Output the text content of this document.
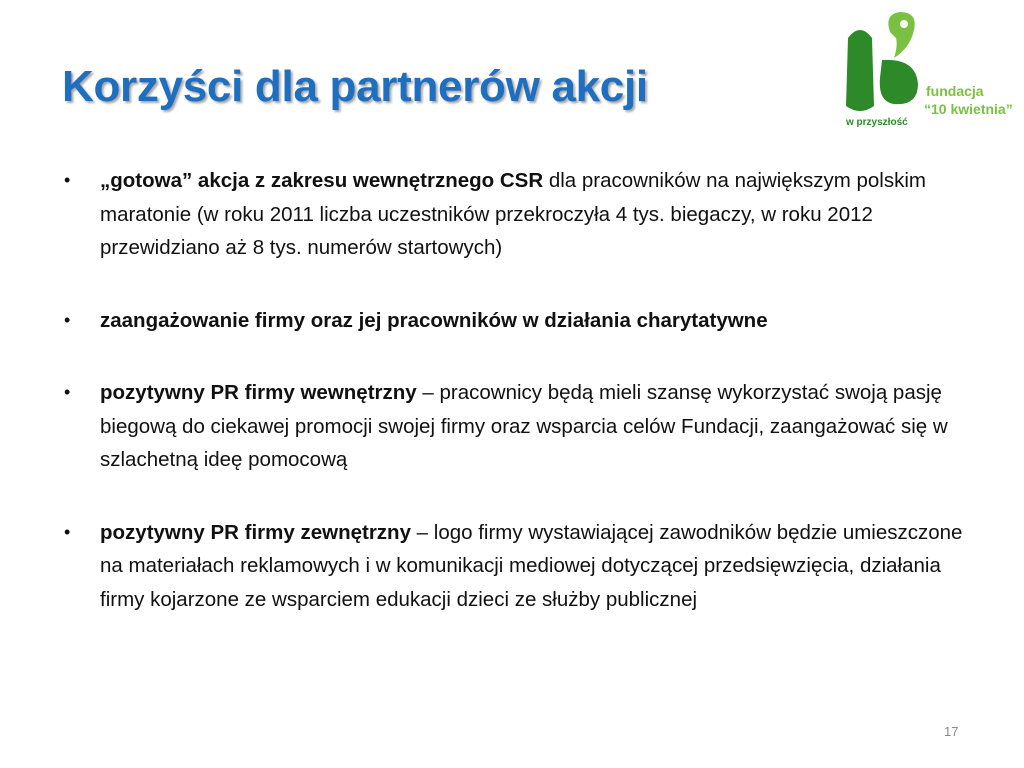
Korzyści dla partnerów akcji
w przyszłość
fundacja
“10 kwietnia”
•	„gotowa” akcja z zakresu wewnętrznego CSR dla pracowników na największym polskim maratonie (w roku 2011 liczba uczestników przekroczyła 4 tys. biegaczy, w roku 2012 przewidziano aż 8 tys. numerów startowych)
•	zaangażowanie firmy oraz jej pracowników w działania charytatywne
•	pozytywny PR firmy wewnętrzny – pracownicy będą mieli szansę wykorzystać swoją pasję biegową do ciekawej promocji swojej firmy oraz wsparcia celów Fundacji, zaangażować się w szlachetną ideę pomocową
•	pozytywny PR firmy zewnętrzny – logo firmy wystawiającej zawodników będzie umieszczone na materiałach reklamowych i w komunikacji mediowej dotyczącej przedsięwzięcia, działania firmy kojarzone ze wsparciem edukacji dzieci ze służby publicznej
17
